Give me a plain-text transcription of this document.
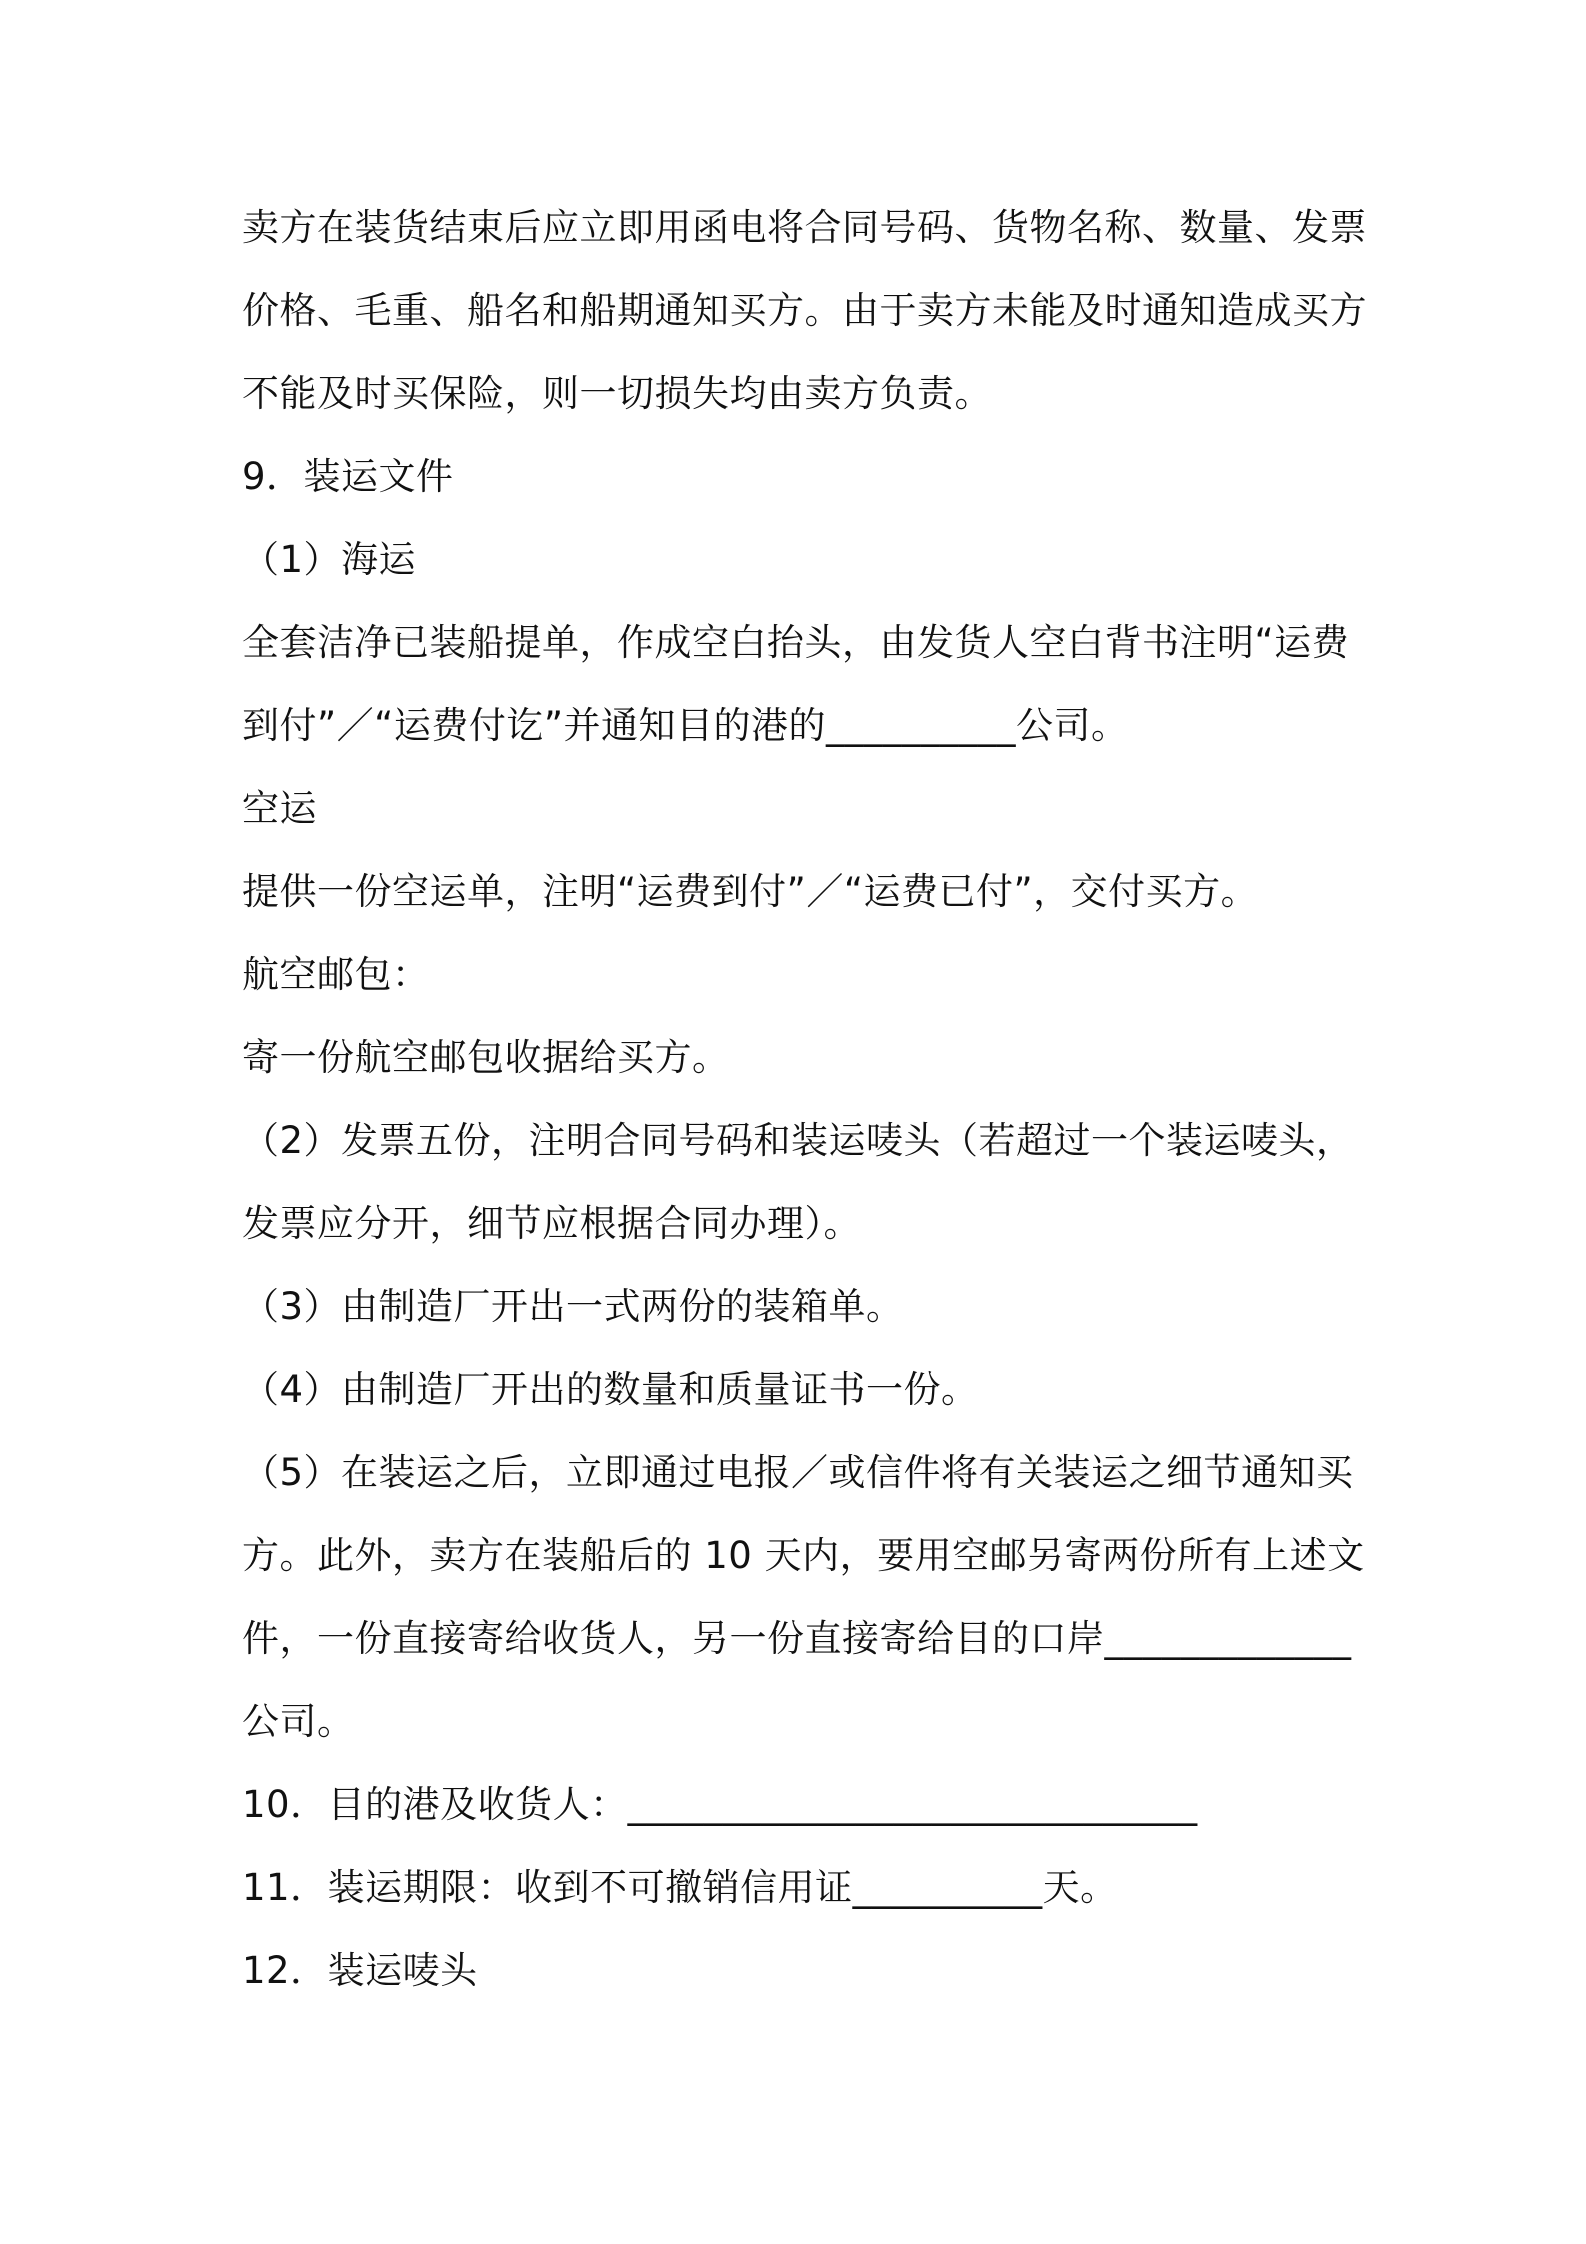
卖方在装货结束后应立即用函电将合同号码、货物名称、数量、发票
价格、毛重、船名和船期通知买方。由于卖方未能及时通知造成买方
不能及时买保险，则一切损失均由卖方负责。
9．装运文件
（1）海运
全套洁净已装船提单，作成空白抬头，由发货人空白背书注明“运费
到付”／“运费付讫”并通知目的港的__________公司。
空运
提供一份空运单，注明“运费到付”／“运费已付”，交付买方。
航空邮包：
寄一份航空邮包收据给买方。
（2）发票五份，注明合同号码和装运唛头（若超过一个装运唛头，
发票应分开，细节应根据合同办理）。
（3）由制造厂开出一式两份的装箱单。
（4）由制造厂开出的数量和质量证书一份。
（5）在装运之后，立即通过电报／或信件将有关装运之细节通知买
方。此外，卖方在装船后的 10 天内，要用空邮另寄两份所有上述文
件，一份直接寄给收货人，另一份直接寄给目的口岸_____________
公司。
10．目的港及收货人：______________________________
11．装运期限：收到不可撤销信用证__________天。
12．装运唛头
